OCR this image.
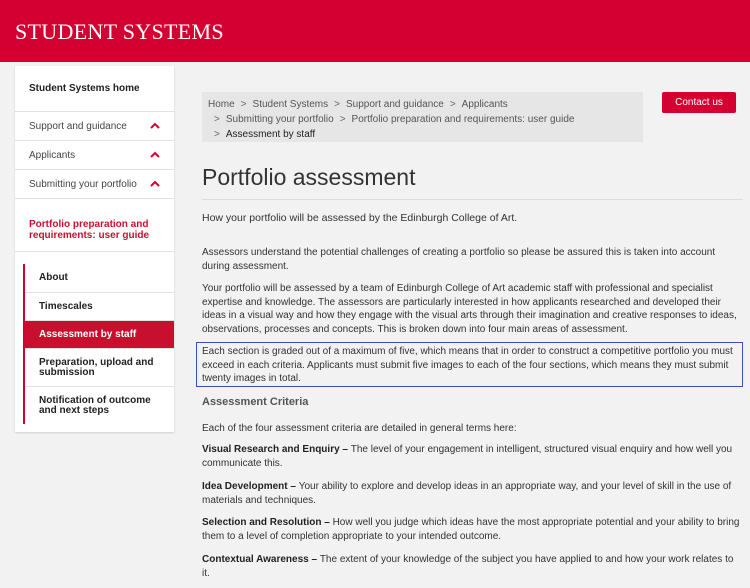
STUDENT SYSTEMS
Student Systems home
Support and guidance
Applicants
Submitting your portfolio
Portfolio preparation and requirements: user guide
About
Timescales
Assessment by staff
Preparation, upload and submission
Notification of outcome and next steps
Home > Student Systems > Support and guidance > Applicants
> Submitting your portfolio > Portfolio preparation and requirements: user guide
> Assessment by staff
Contact us
Portfolio assessment

How your portfolio will be assessed by the Edinburgh College of Art.

Assessors understand the potential challenges of creating a portfolio so please be assured this is taken into account during assessment.

Your portfolio will be assessed by a team of Edinburgh College of Art academic staff with professional and specialist expertise and knowledge. The assessors are particularly interested in how applicants researched and developed their ideas in a visual way and how they engage with the visual arts through their imagination and creative responses to ideas, observations, processes and concepts. This is broken down into four main areas of assessment.

Each section is graded out of a maximum of five, which means that in order to construct a competitive portfolio you must exceed in each criteria. Applicants must submit five images to each of the four sections, which means they must submit twenty images in total.

Assessment Criteria

Each of the four assessment criteria are detailed in general terms here:

Visual Research and Enquiry – The level of your engagement in intelligent, structured visual enquiry and how well you communicate this.

Idea Development – Your ability to explore and develop ideas in an appropriate way, and your level of skill in the use of materials and techniques.

Selection and Resolution – How well you judge which ideas have the most appropriate potential and your ability to bring them to a level of completion appropriate to your intended outcome.

Contextual Awareness – The extent of your knowledge of the subject you have applied to and how your work relates to it.
